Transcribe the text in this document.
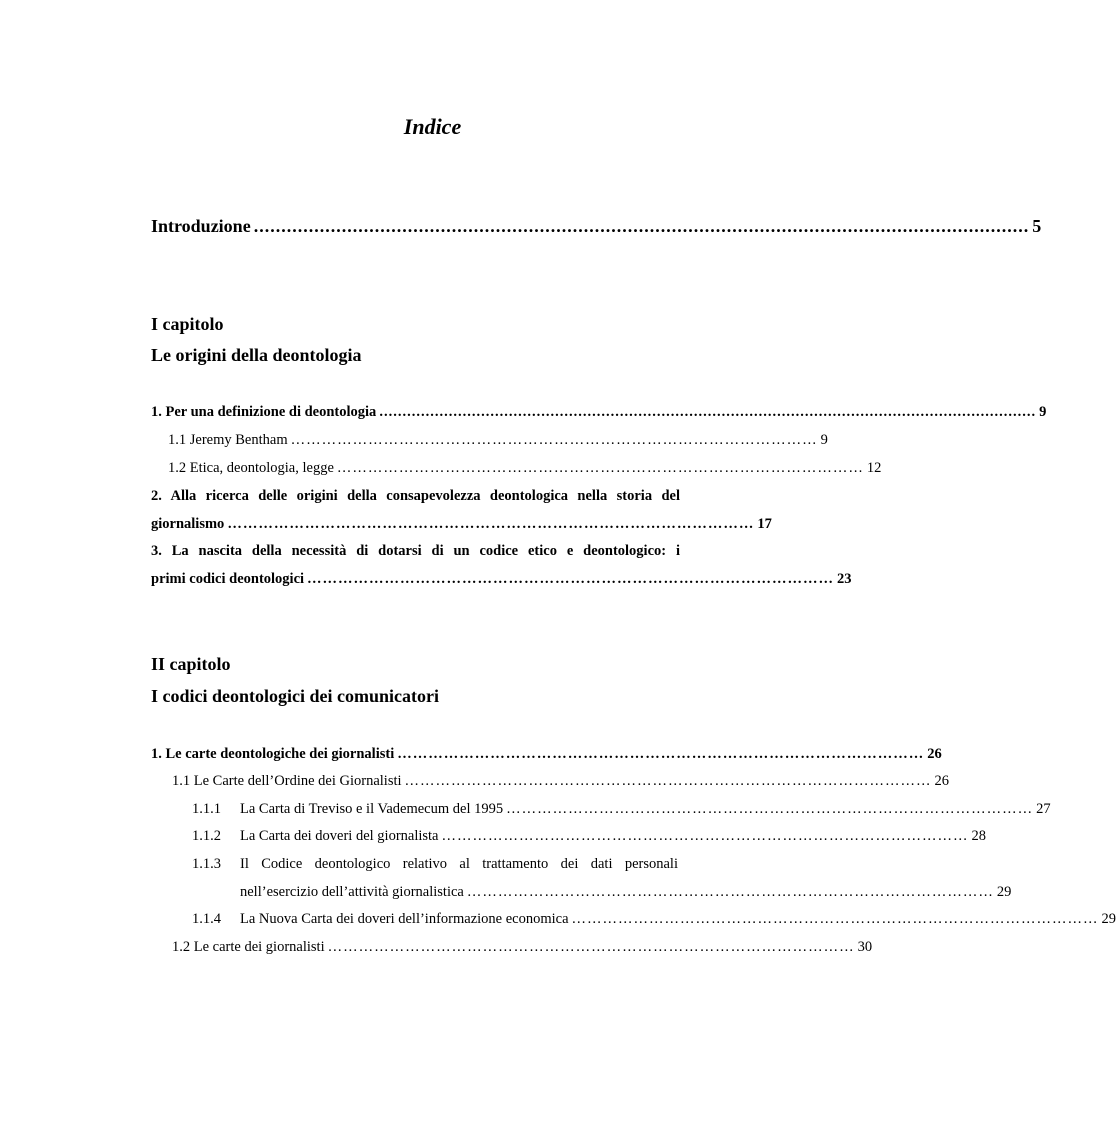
Indice
Introduzione ............................................................................................................................................. 5
I capitolo
Le origini della deontologia
1. Per una definizione di deontologia .............................................................................................................................................. 9
1.1 Jeremy Bentham ………………………………………………………………………………………… 9
1.2 Etica, deontologia, legge ………………………………………………………………………………………… 12
2. Alla ricerca delle origini della consapevolezza deontologica nella storia del
giornalismo ………………………………………………………………………………………… 17
3. La nascita della necessità di dotarsi di un codice etico e deontologico: i
primi codici deontologici ………………………………………………………………………………………… 23
II capitolo
I codici deontologici dei comunicatori
1. Le carte deontologiche dei giornalisti ………………………………………………………………………………………… 26
1.1 Le Carte dell’Ordine dei Giornalisti ………………………………………………………………………………………… 26
1.1.1 La Carta di Treviso e il Vademecum del 1995 ………………………………………………………………………………………… 27
1.1.2 La Carta dei doveri del giornalista ………………………………………………………………………………………… 28
1.1.3 Il Codice deontologico relativo al trattamento dei dati personali
nell’esercizio dell’attività giornalistica ………………………………………………………………………………………… 29
1.1.4 La Nuova Carta dei doveri dell’informazione economica ………………………………………………………………………………………… 29
1.2 Le carte dei giornalisti ………………………………………………………………………………………… 30
